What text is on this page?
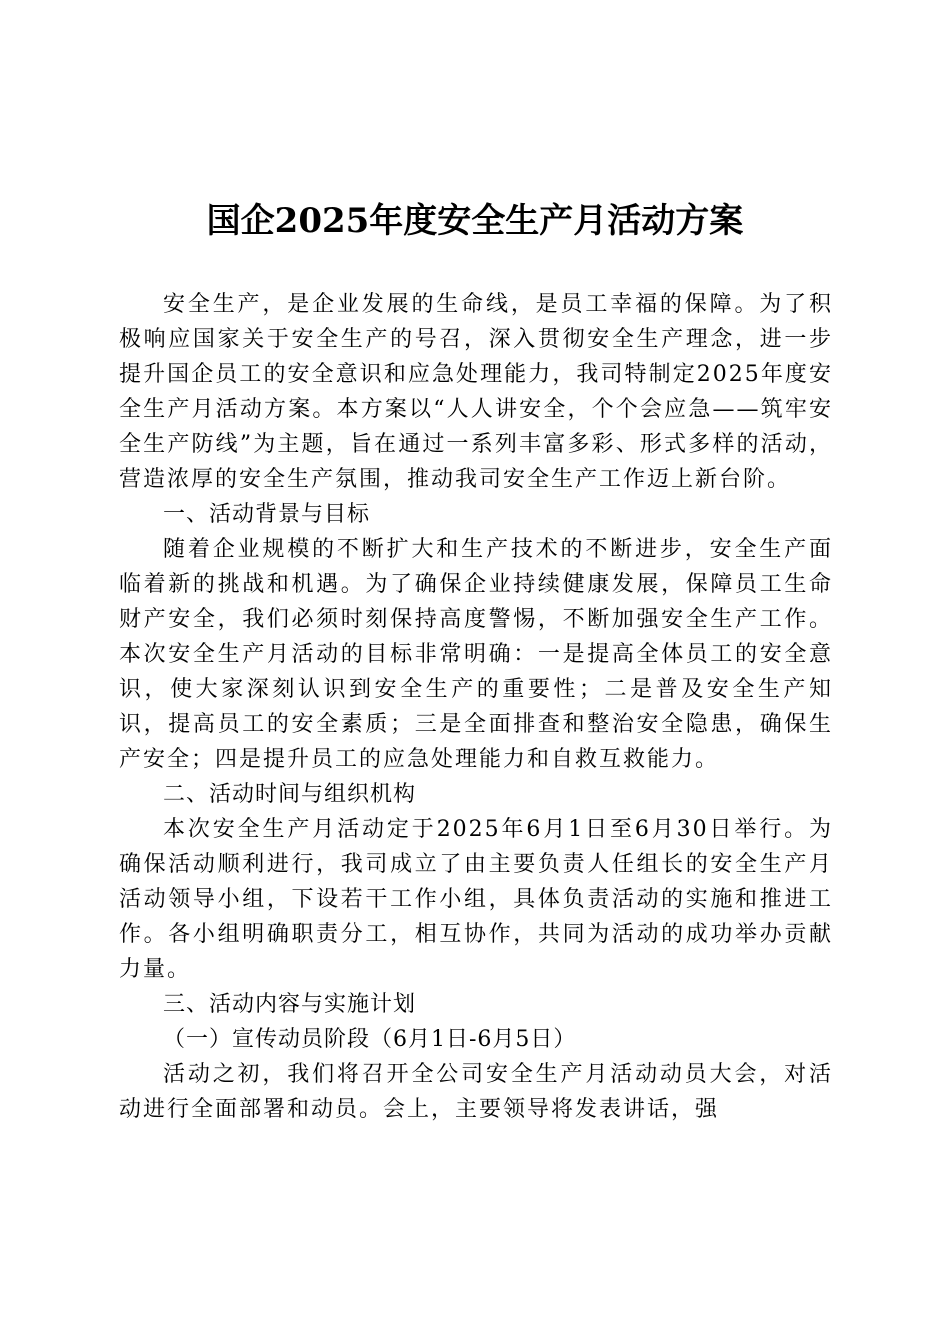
国企2025年度安全生产月活动方案

安全生产，是企业发展的生命线，是员工幸福的保障。为了积极响应国家关于安全生产的号召，深入贯彻安全生产理念，进一步提升国企员工的安全意识和应急处理能力，我司特制定2025年度安全生产月活动方案。本方案以“人人讲安全，个个会应急——筑牢安全生产防线”为主题，旨在通过一系列丰富多彩、形式多样的活动，营造浓厚的安全生产氛围，推动我司安全生产工作迈上新台阶。

一、活动背景与目标

随着企业规模的不断扩大和生产技术的不断进步，安全生产面临着新的挑战和机遇。为了确保企业持续健康发展，保障员工生命财产安全，我们必须时刻保持高度警惕，不断加强安全生产工作。本次安全生产月活动的目标非常明确：一是提高全体员工的安全意识，使大家深刻认识到安全生产的重要性；二是普及安全生产知识，提高员工的安全素质；三是全面排查和整治安全隐患，确保生产安全；四是提升员工的应急处理能力和自救互救能力。

二、活动时间与组织机构

本次安全生产月活动定于2025年6月1日至6月30日举行。为确保活动顺利进行，我司成立了由主要负责人任组长的安全生产月活动领导小组，下设若干工作小组，具体负责活动的实施和推进工作。各小组明确职责分工，相互协作，共同为活动的成功举办贡献力量。

三、活动内容与实施计划

（一）宣传动员阶段（6月1日-6月5日）

活动之初，我们将召开全公司安全生产月活动动员大会，对活动进行全面部署和动员。会上，主要领导将发表讲话，强
